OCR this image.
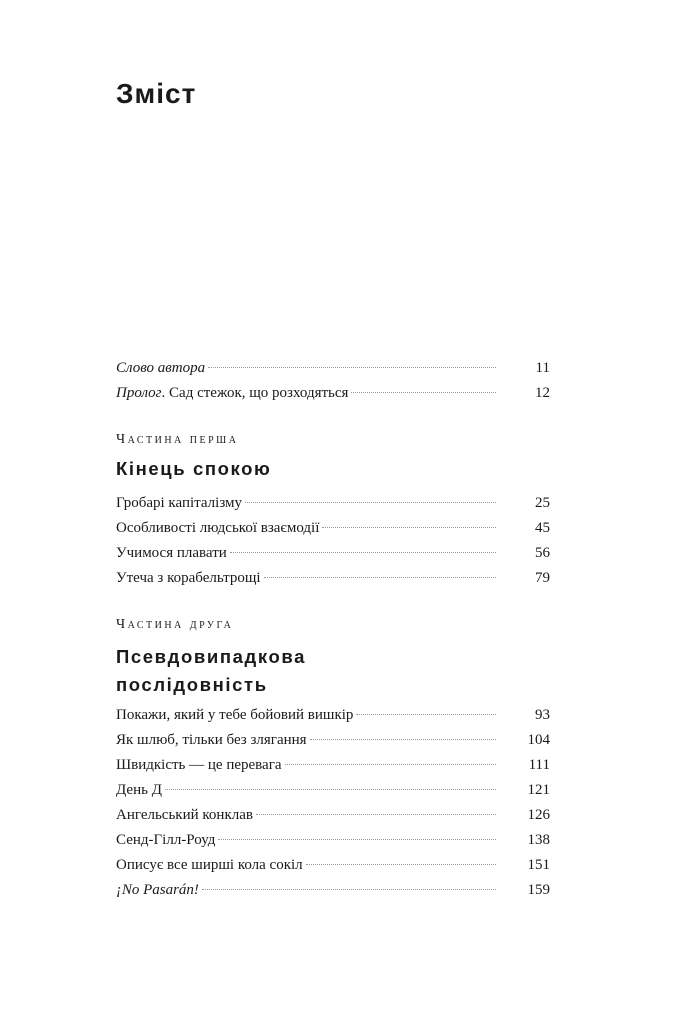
Зміст
Слово автора	11
Пролог. Сад стежок, що розходяться	12

Частина перша

Кінець спокою
Гробарі капіталізму	25
Особливості людської взаємодії	45
Учимося плавати	56
Утеча з корабельтрощі	79

Частина друга

Псевдовипадкова послідовність
Покажи, який у тебе бойовий вишкір	93
Як шлюб, тільки без злягання	104
Швидкість — це перевага	111
День Д	121
Ангельський конклав	126
Сенд-Гілл-Роуд	138
Описує все ширші кола сокіл	151
¡No Pasarán!	159
